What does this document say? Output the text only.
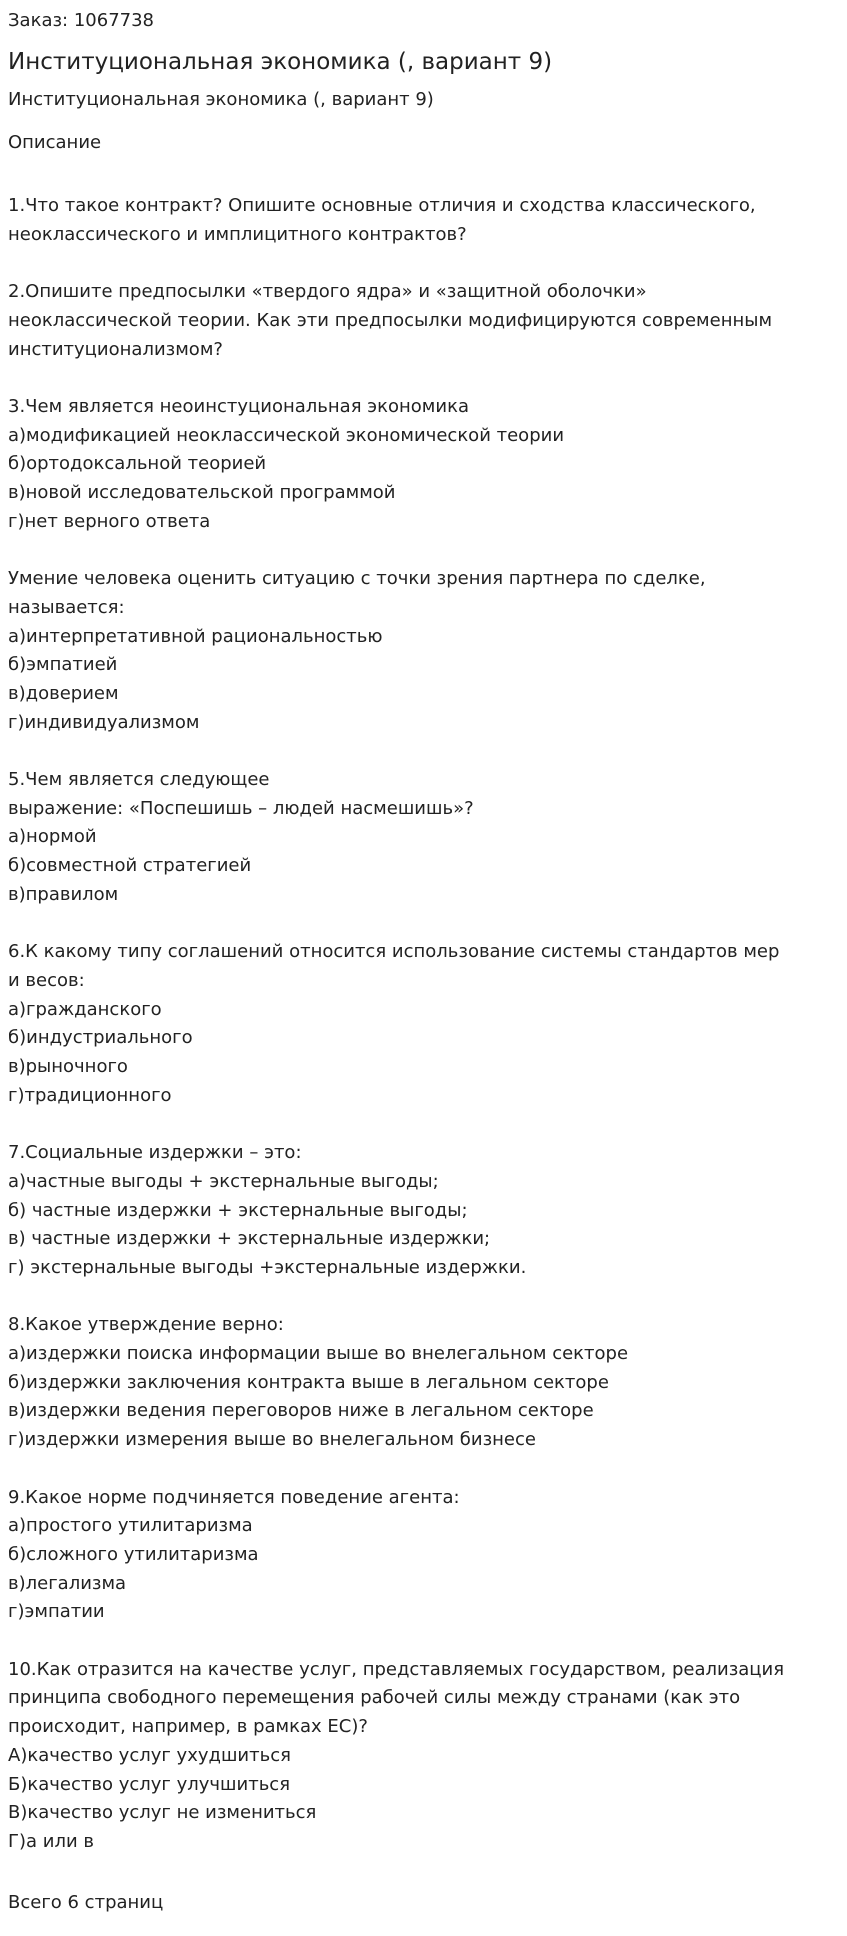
Заказ: 1067738
Институциональная экономика (, вариант 9)
Институциональная экономика (, вариант 9)
Описание
1.Что такое контракт? Опишите основные отличия и сходства классического,
неоклассического и имплицитного контрактов?
2.Опишите предпосылки «твердого ядра» и «защитной оболочки»
неоклассической теории. Как эти предпосылки модифицируются современным
институционализмом?
3.Чем является неоинстуциональная экономика
а)модификацией неоклассической экономической теории
б)ортодоксальной теорией
в)новой исследовательской программой
г)нет верного ответа
Умение человека оценить ситуацию с точки зрения партнера по сделке,
называется:
а)интерпретативной рациональностью
б)эмпатией
в)доверием
г)индивидуализмом
5.Чем является следующее
выражение: «Поспешишь – людей насмешишь»?
а)нормой
б)совместной стратегией
в)правилом
6.К какому типу соглашений относится использование системы стандартов мер
и весов:
а)гражданского
б)индустриального
в)рыночного
г)традиционного
7.Социальные издержки – это:
а)частные выгоды + экстернальные выгоды;
б) частные издержки + экстернальные выгоды;
в) частные издержки + экстернальные издержки;
г) экстернальные выгоды +экстернальные издержки.
8.Какое утверждение верно:
а)издержки поиска информации выше во внелегальном секторе
б)издержки заключения контракта выше в легальном секторе
в)издержки ведения переговоров ниже в легальном секторе
г)издержки измерения выше во внелегальном бизнесе
9.Какое норме подчиняется поведение агента:
а)простого утилитаризма
б)сложного утилитаризма
в)легализма
г)эмпатии
10.Как отразится на качестве услуг, представляемых государством, реализация
принципа свободного перемещения рабочей силы между странами (как это
происходит, например, в рамках ЕС)?
А)качество услуг ухудшиться
Б)качество услуг улучшиться
В)качество услуг не измениться
Г)а или в
Всего 6 страниц
